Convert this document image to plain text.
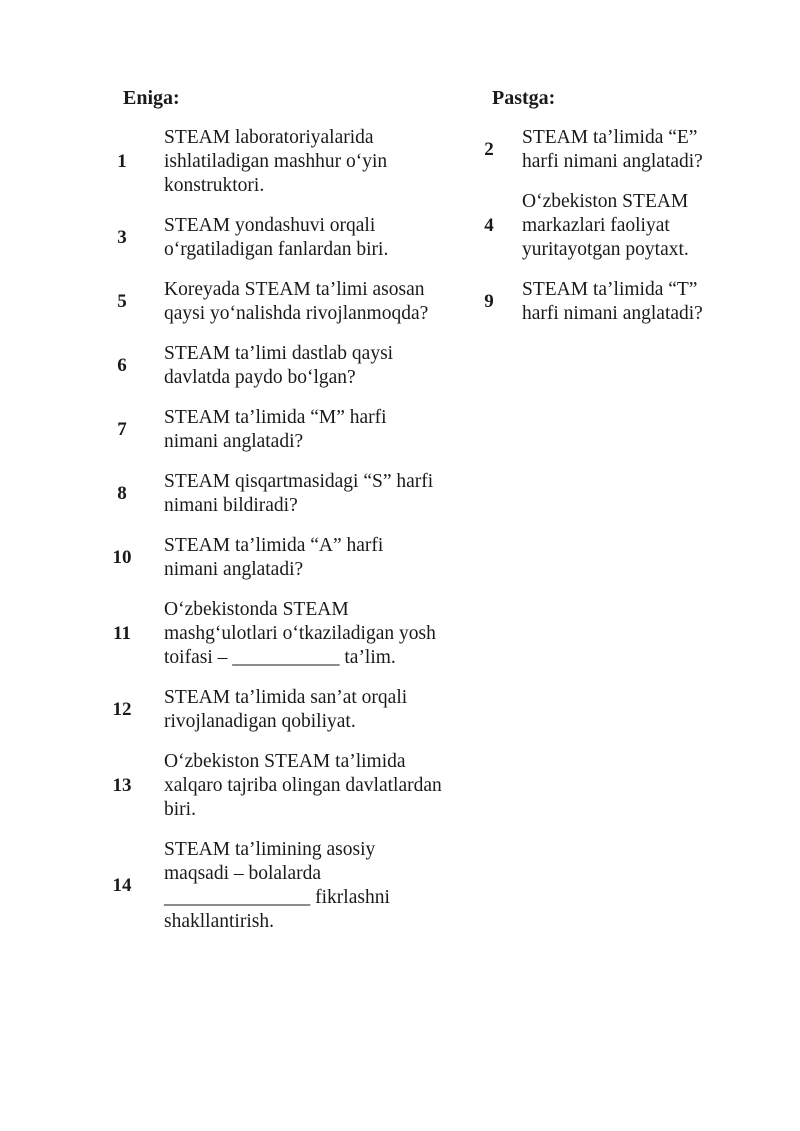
Eniga:	Pastga:
1
STEAM laboratoriyalarida
ishlatiladigan mashhur o‘yin
konstruktori.
3
STEAM yondashuvi orqali
o‘rgatiladigan fanlardan biri.
5
Koreyada STEAM ta’limi asosan
qaysi yo‘nalishda rivojlanmoqda?
6
STEAM ta’limi dastlab qaysi
davlatda paydo bo‘lgan?
7
STEAM ta’limida “M” harfi
nimani anglatadi?
8
STEAM qisqartmasidagi “S” harfi
nimani bildiradi?
10
STEAM ta’limida “A” harfi
nimani anglatadi?
11
O‘zbekistonda STEAM
mashg‘ulotlari o‘tkaziladigan yosh
toifasi – ___________ ta’lim.
12
STEAM ta’limida san’at orqali
rivojlanadigan qobiliyat.
13
O‘zbekiston STEAM ta’limida
xalqaro tajriba olingan davlatlardan
biri.
14
STEAM ta’limining asosiy
maqsadi – bolalarda
_______________ fikrlashni
shakllantirish.
2
STEAM ta’limida “E”
harfi nimani anglatadi?
4
O‘zbekiston STEAM
markazlari faoliyat
yuritayotgan poytaxt.
9
STEAM ta’limida “T”
harfi nimani anglatadi?
